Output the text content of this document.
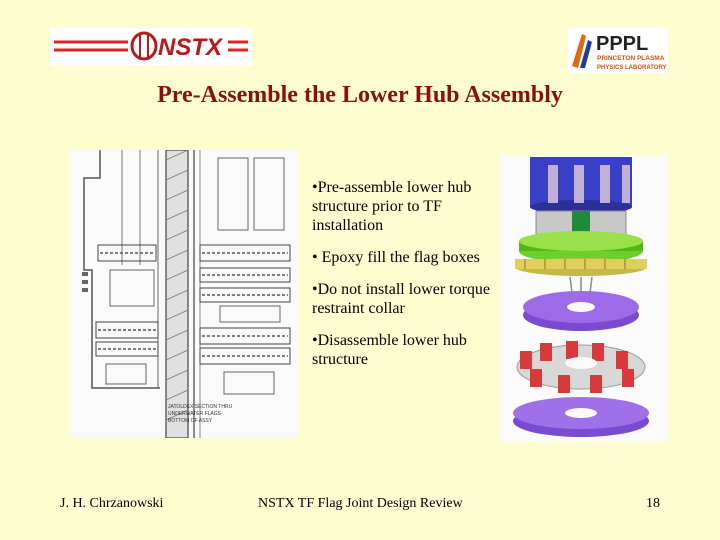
NSTX	PPPL
PRINCETON PLASMA
PHYSICS LABORATORY
Pre-Assemble the Lower Hub Assembly
JATOLDEX SECTION THRU
UNDERWATER FLAGS
BOTTOM OF ASSY

•Pre-assemble lower hub structure prior to TF installation

• Epoxy fill the flag boxes

•Do not install lower torque restraint collar

•Disassemble lower hub structure

J. H. Chrzanowski	NSTX TF Flag Joint Design Review	18
